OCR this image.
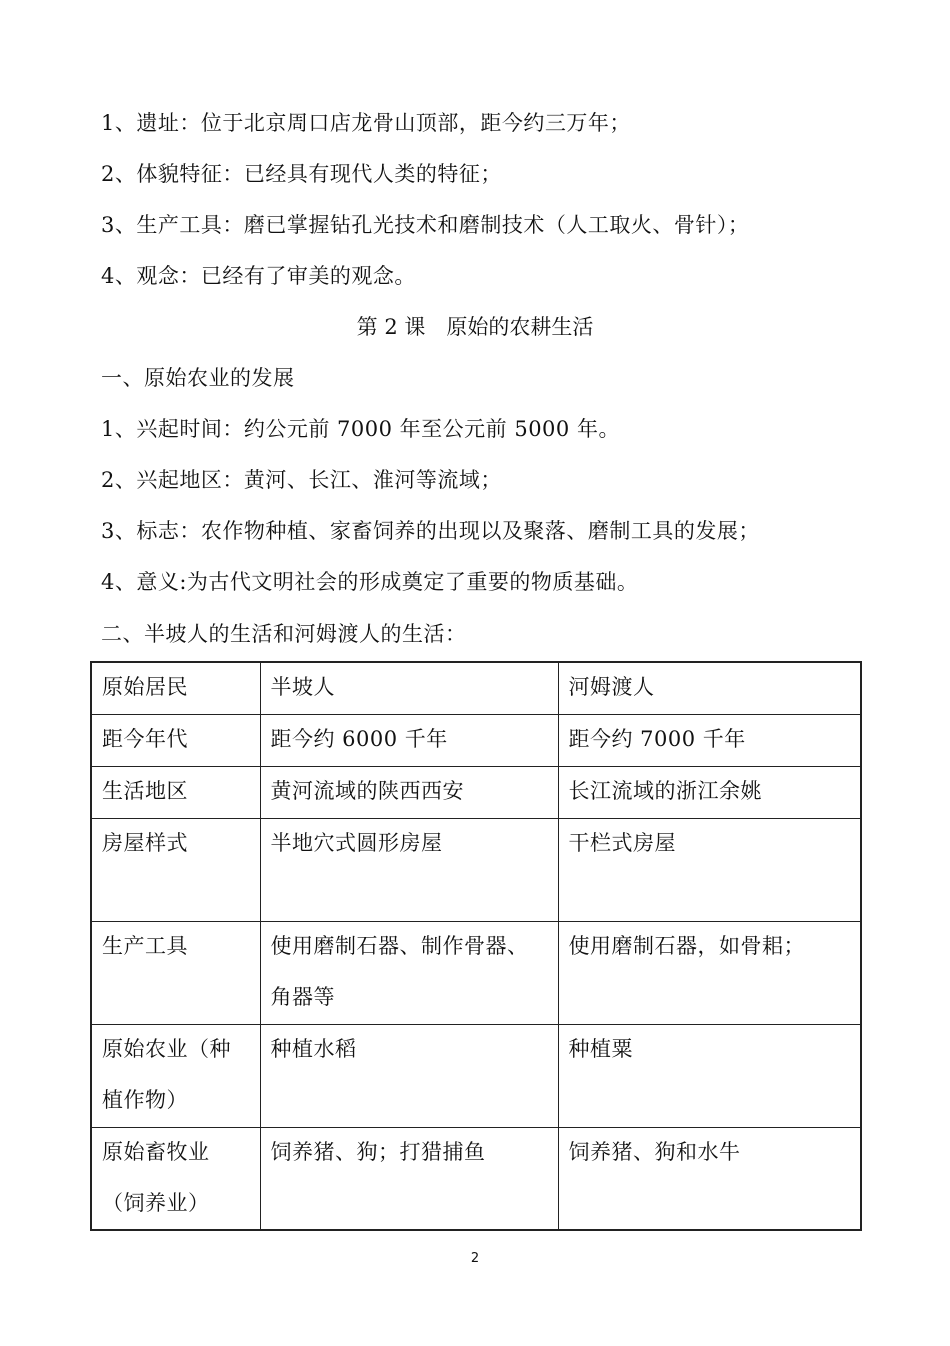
1、遗址：位于北京周口店龙骨山顶部，距今约三万年；
2、体貌特征：已经具有现代人类的特征；
3、生产工具：磨已掌握钻孔光技术和磨制技术（人工取火、骨针）；
4、观念：已经有了审美的观念。
第 2 课　原始的农耕生活
一、原始农业的发展
1、兴起时间：约公元前 7000 年至公元前 5000 年。
2、兴起地区：黄河、长江、淮河等流域；
3、标志：农作物种植、家畜饲养的出现以及聚落、磨制工具的发展；
4、意义:为古代文明社会的形成奠定了重要的物质基础。
二、半坡人的生活和河姆渡人的生活：
原始居民	半坡人	河姆渡人

距今年代	距今约 6000 千年	距今约 7000 千年

生活地区	黄河流域的陕西西安	长江流域的浙江余姚

房屋样式	半地穴式圆形房屋	干栏式房屋

生产工具	使用磨制石器、制作骨器、角器等	使用磨制石器，如骨耜；

原始农业（种植作物）	种植水稻	种植粟

原始畜牧业（饲养业）	饲养猪、狗；打猎捕鱼	饲养猪、狗和水牛
2
